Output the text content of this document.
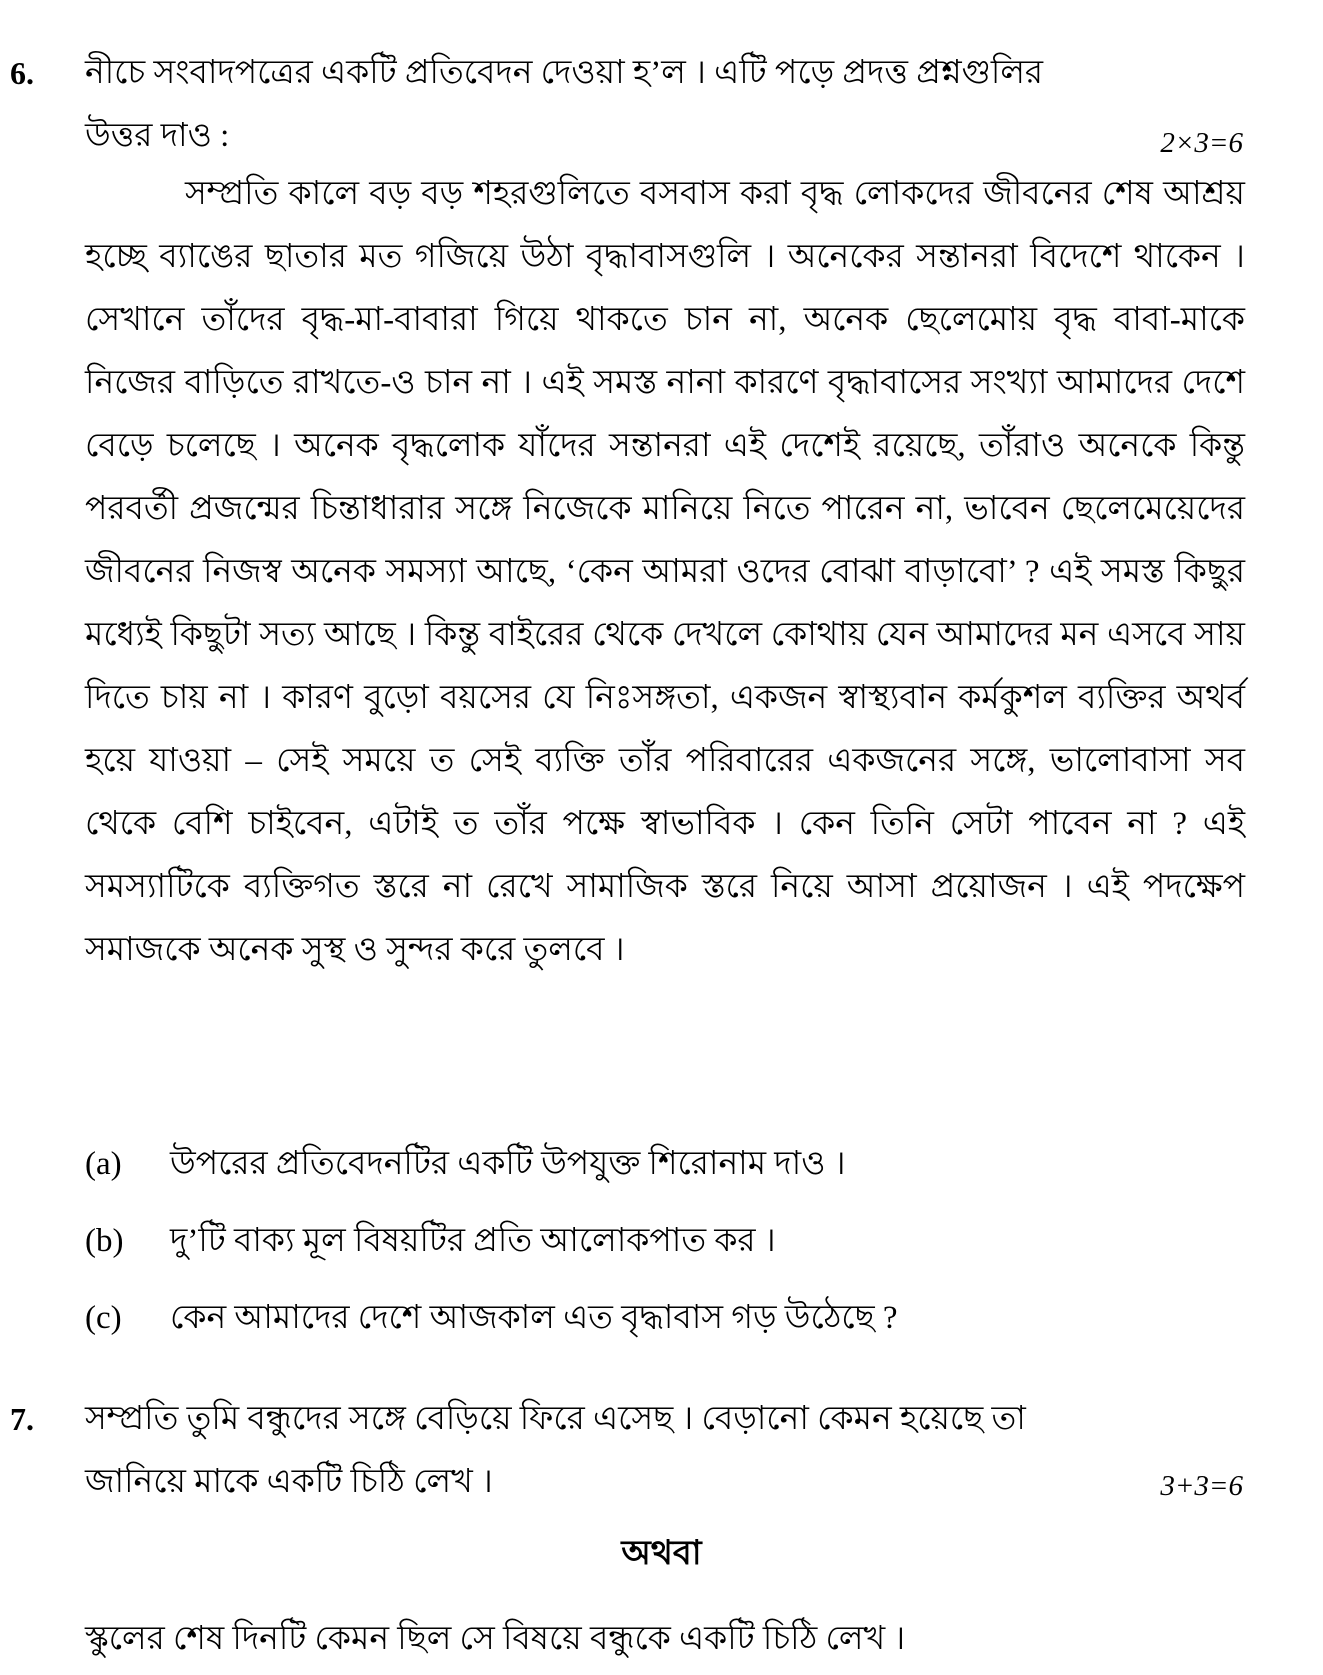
6. নীচে সংবাদপত্রের একটি প্রতিবেদন দেওয়া হ’ল । এটি পড়ে প্রদত্ত প্রশ্নগুলির
উত্তর দাও :	2×3=6
সম্প্রতি কালে বড় বড় শহরগুলিতে বসবাস করা বৃদ্ধ লোকদের জীবনের শেষ আশ্রয় হচ্ছে ব্যাঙের ছাতার মত গজিয়ে উঠা বৃদ্ধাবাসগুলি । অনেকের সন্তানরা বিদেশে থাকেন । সেখানে তাঁদের বৃদ্ধ-মা-বাবারা গিয়ে থাকতে চান না, অনেক ছেলেমোয় বৃদ্ধ বাবা-মাকে নিজের বাড়িতে রাখতে-ও চান না । এই সমস্ত নানা কারণে বৃদ্ধাবাসের সংখ্যা আমাদের দেশে বেড়ে চলেছে । অনেক বৃদ্ধলোক যাঁদের সন্তানরা এই দেশেই রয়েছে, তাঁরাও অনেকে কিন্তু পরবর্তী প্রজন্মের চিন্তাধারার সঙ্গে নিজেকে মানিয়ে নিতে পারেন না, ভাবেন ছেলেমেয়েদের জীবনের নিজস্ব অনেক সমস্যা আছে, ‘কেন আমরা ওদের বোঝা বাড়াবো’ ? এই সমস্ত কিছুর মধ্যেই কিছুটা সত্য আছে । কিন্তু বাইরের থেকে দেখলে কোথায় যেন আমাদের মন এসবে সায় দিতে চায় না । কারণ বুড়ো বয়সের যে নিঃসঙ্গতা, একজন স্বাস্থ্যবান কর্মকুশল ব্যক্তির অথর্ব হয়ে যাওয়া – সেই সময়ে ত সেই ব্যক্তি তাঁর পরিবারের একজনের সঙ্গে, ভালোবাসা সব থেকে বেশি চাইবেন, এটাই ত তাঁর পক্ষে স্বাভাবিক । কেন তিনি সেটা পাবেন না ? এই সমস্যাটিকে ব্যক্তিগত স্তরে না রেখে সামাজিক স্তরে নিয়ে আসা প্রয়োজন । এই পদক্ষেপ সমাজকে অনেক সুস্থ ও সুন্দর করে তুলবে ।
(a) উপরের প্রতিবেদনটির একটি উপযুক্ত শিরোনাম দাও ।
(b) দু’টি বাক্য মূল বিষয়টির প্রতি আলোকপাত কর ।
(c) কেন আমাদের দেশে আজকাল এত বৃদ্ধাবাস গড় উঠেছে ?
7. সম্প্রতি তুমি বন্ধুদের সঙ্গে বেড়িয়ে ফিরে এসেছ । বেড়ানো কেমন হয়েছে তা
জানিয়ে মাকে একটি চিঠি লেখ ।	3+3=6
অথবা
স্কুলের শেষ দিনটি কেমন ছিল সে বিষয়ে বন্ধুকে একটি চিঠি লেখ ।
